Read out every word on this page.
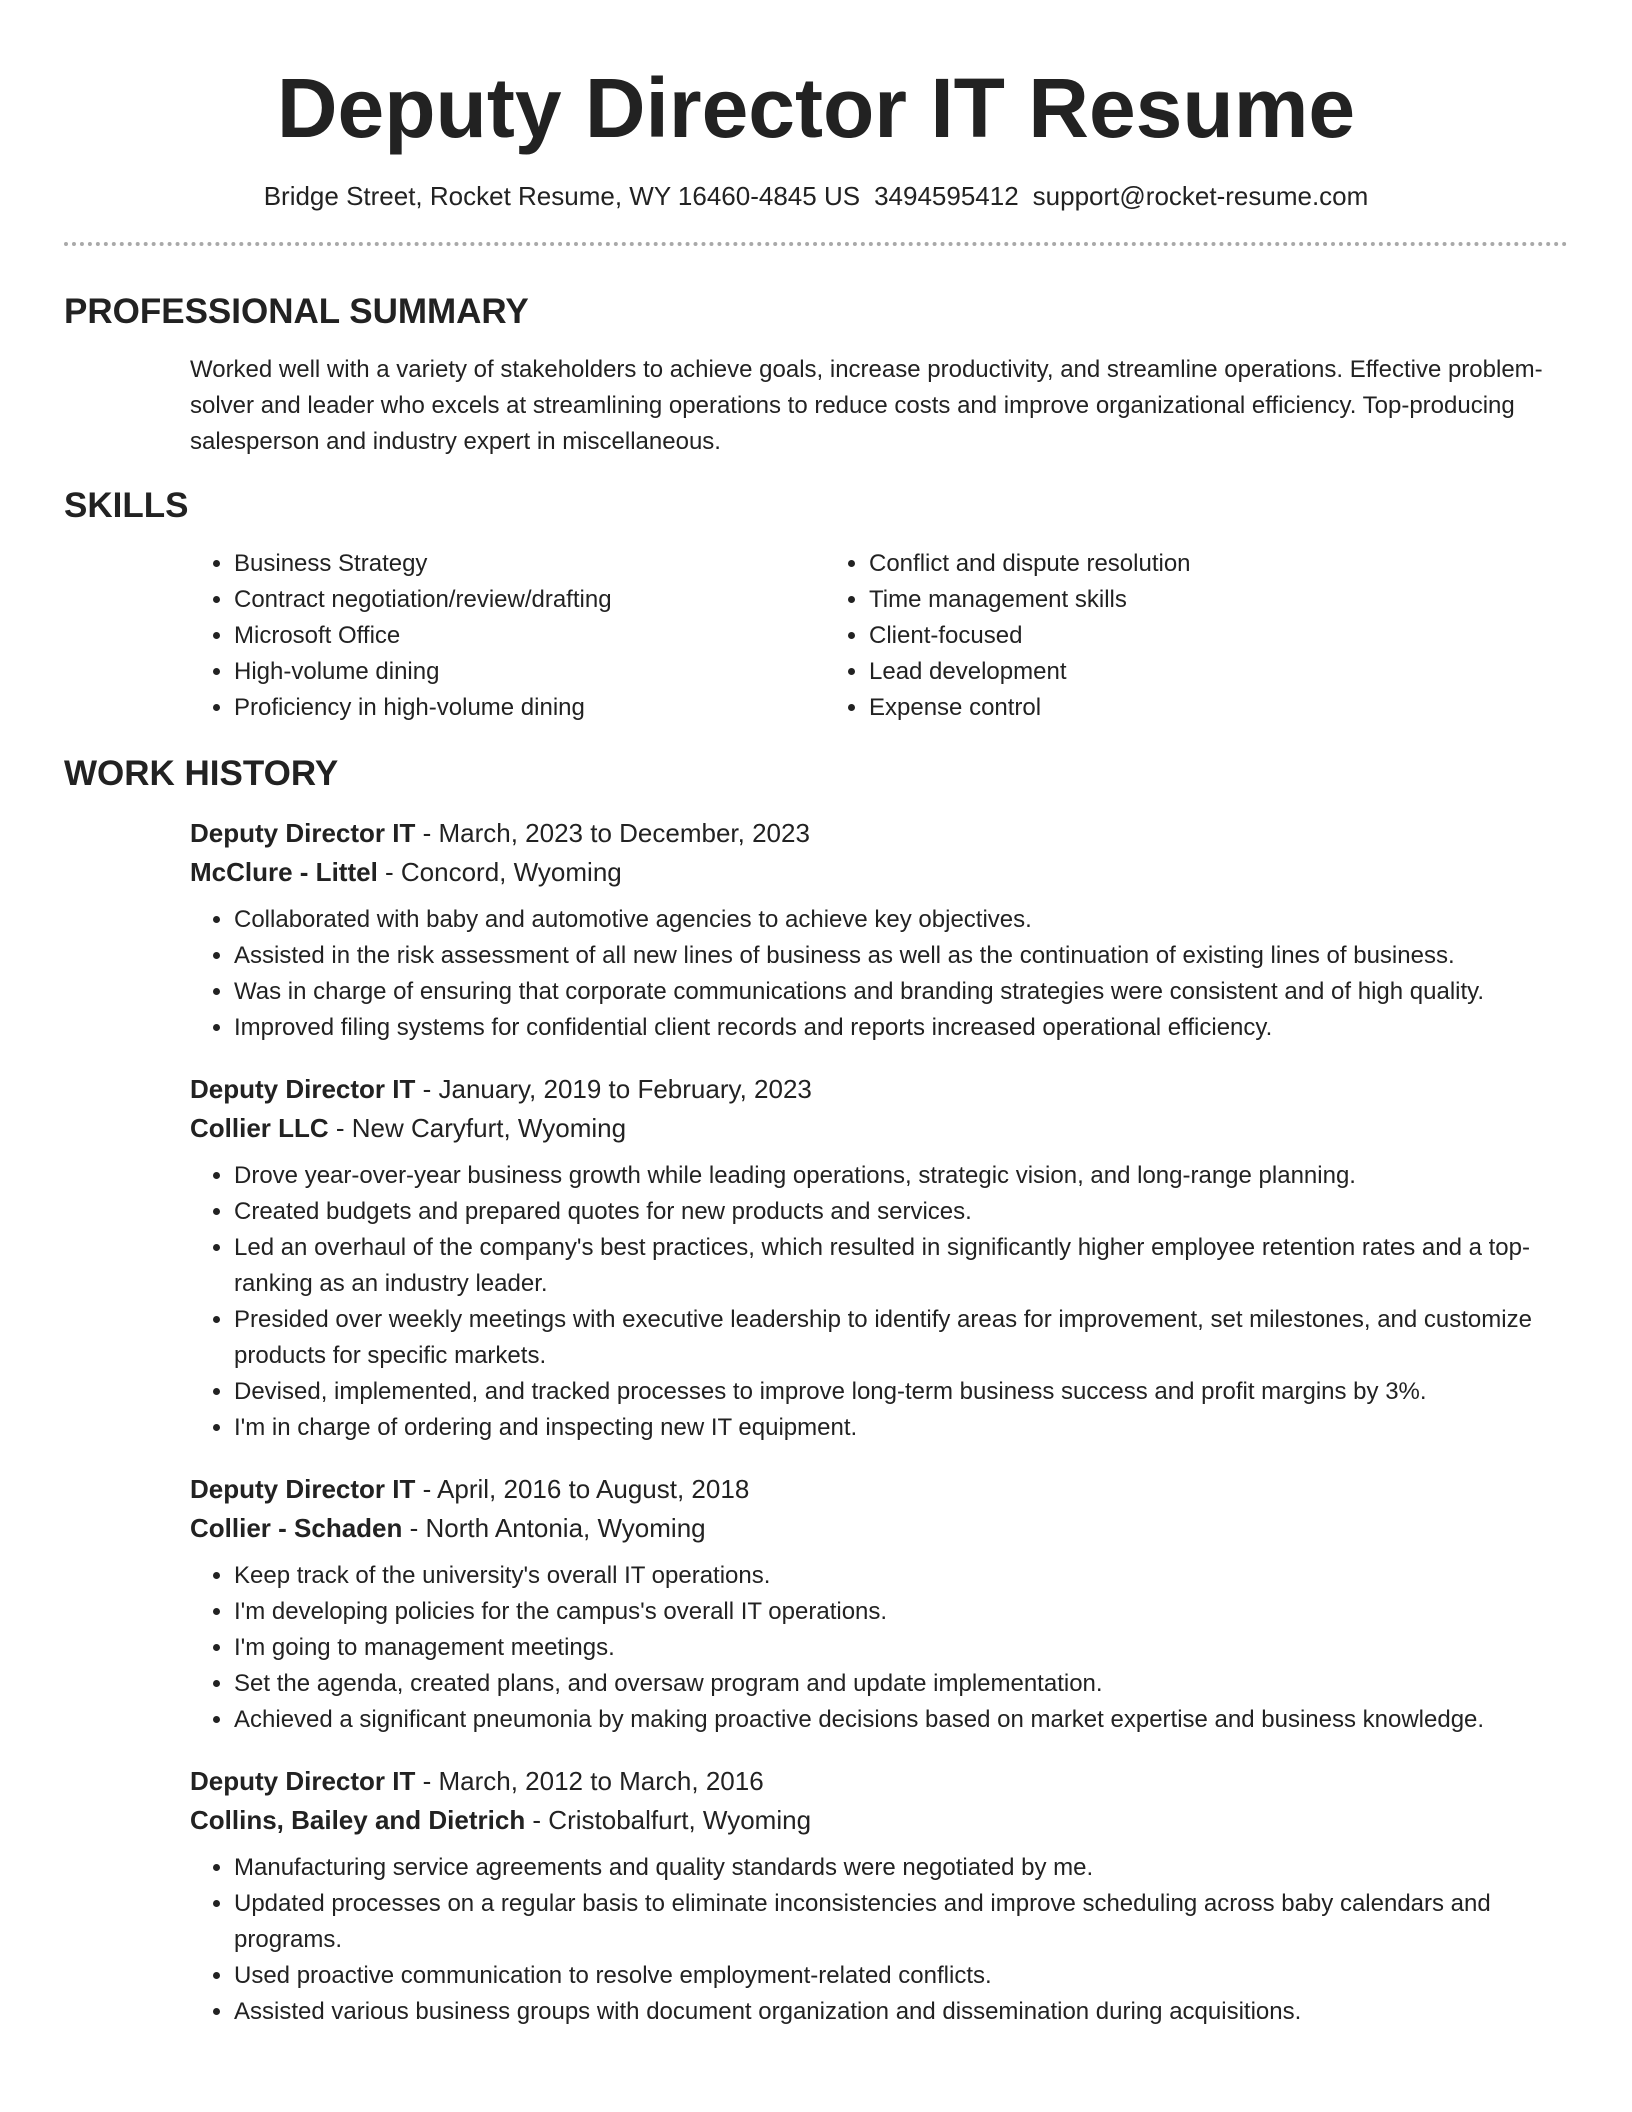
Deputy Director IT Resume
Bridge Street, Rocket Resume, WY 16460-4845 US 3494595412 support@rocket-resume.com
PROFESSIONAL SUMMARY

Worked well with a variety of stakeholders to achieve goals, increase productivity, and streamline operations. Effective problem-solver and leader who excels at streamlining operations to reduce costs and improve organizational efficiency. Top-producing salesperson and industry expert in miscellaneous.

SKILLS
• Business Strategy
• Contract negotiation/review/drafting
• Microsoft Office
• High-volume dining
• Proficiency in high-volume dining
• Conflict and dispute resolution
• Time management skills
• Client-focused
• Lead development
• Expense control
WORK HISTORY
Deputy Director IT - March, 2023 to December, 2023
McClure - Littel - Concord, Wyoming
• Collaborated with baby and automotive agencies to achieve key objectives.
• Assisted in the risk assessment of all new lines of business as well as the continuation of existing lines of business.
• Was in charge of ensuring that corporate communications and branding strategies were consistent and of high quality.
• Improved filing systems for confidential client records and reports increased operational efficiency.
Deputy Director IT - January, 2019 to February, 2023
Collier LLC - New Caryfurt, Wyoming
• Drove year-over-year business growth while leading operations, strategic vision, and long-range planning.
• Created budgets and prepared quotes for new products and services.
• Led an overhaul of the company's best practices, which resulted in significantly higher employee retention rates and a top-ranking as an industry leader.
• Presided over weekly meetings with executive leadership to identify areas for improvement, set milestones, and customize products for specific markets.
• Devised, implemented, and tracked processes to improve long-term business success and profit margins by 3%.
• I'm in charge of ordering and inspecting new IT equipment.
Deputy Director IT - April, 2016 to August, 2018
Collier - Schaden - North Antonia, Wyoming
• Keep track of the university's overall IT operations.
• I'm developing policies for the campus's overall IT operations.
• I'm going to management meetings.
• Set the agenda, created plans, and oversaw program and update implementation.
• Achieved a significant pneumonia by making proactive decisions based on market expertise and business knowledge.
Deputy Director IT - March, 2012 to March, 2016
Collins, Bailey and Dietrich - Cristobalfurt, Wyoming
• Manufacturing service agreements and quality standards were negotiated by me.
• Updated processes on a regular basis to eliminate inconsistencies and improve scheduling across baby calendars and programs.
• Used proactive communication to resolve employment-related conflicts.
• Assisted various business groups with document organization and dissemination during acquisitions.
